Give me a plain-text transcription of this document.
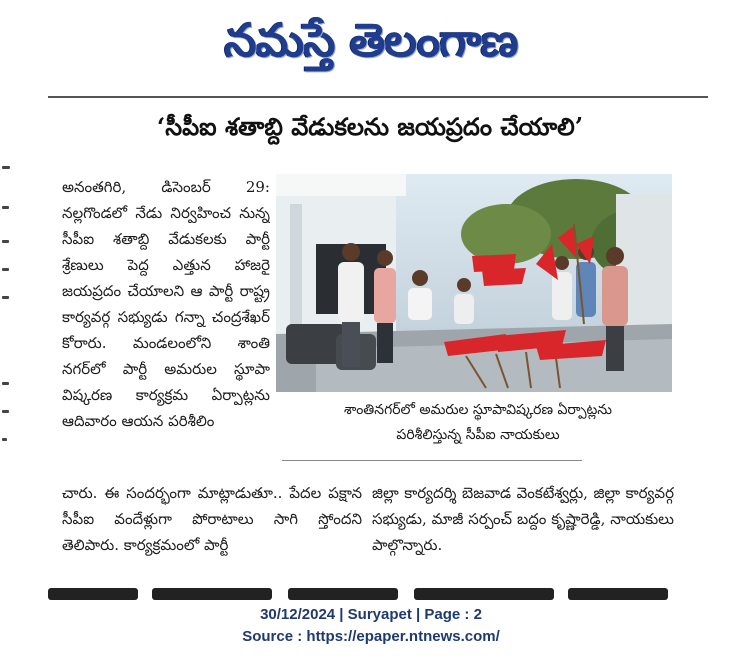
నమస్తే తెలంగాణ
‘సీపీఐ శతాబ్ది వేడుకలను జయప్రదం చేయాలి’
అనంతగిరి, డిసెంబర్ 29: నల్లగొండలో నేడు నిర్వహించ నున్న సీపీఐ శతాబ్ది వేడుకలకు పార్టీ శ్రేణులు పెద్ద ఎత్తున హాజరై జయప్రదం చేయాలని ఆ పార్టీ రాష్ట్ర కార్యవర్గ సభ్యుడు గన్నా చంద్రశేఖర్ కోరారు. మండలంలోని శాంతి నగర్‌లో పార్టీ అమరుల స్థూపా విష్కరణ కార్యక్రమ ఏర్పాట్లను ఆదివారం ఆయన పరిశీలిం
శాంతినగర్‌లో అమరుల స్థూపావిష్కరణ ఏర్పాట్లను
పరిశీలిస్తున్న సీపీఐ నాయకులు
చారు. ఈ సందర్భంగా మాట్లాడుతూ.. పేదల పక్షాన సీపీఐ వందేళ్లుగా పోరాటాలు సాగి స్తోందని తెలిపారు. కార్యక్రమంలో పార్టీ
జిల్లా కార్యదర్శి బెజవాడ వెంకటేశ్వర్లు, జిల్లా కార్యవర్గ సభ్యుడు, మాజీ సర్పంచ్ బద్దం కృష్ణారెడ్డి, నాయకులు పాల్గొన్నారు.
30/12/2024 | Suryapet | Page : 2
Source : https://epaper.ntnews.com/
